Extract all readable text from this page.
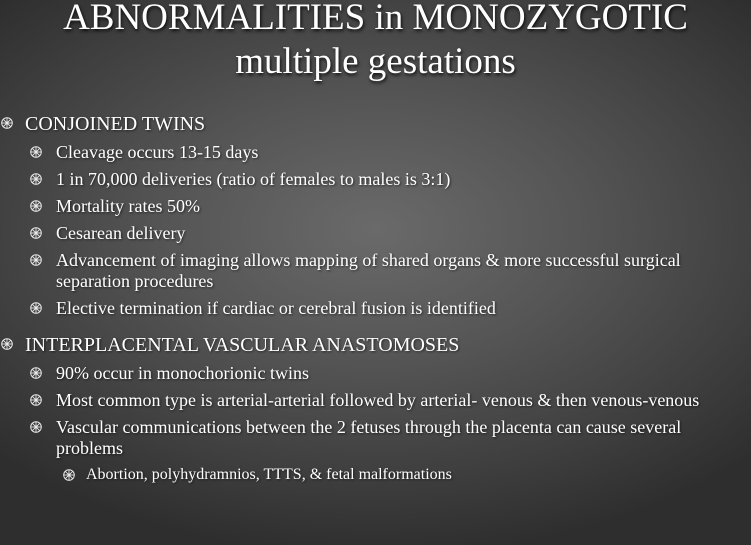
ABNORMALITIES in MONOZYGOTIC
multiple gestations
CONJOINED TWINS
Cleavage occurs 13-15 days
1 in 70,000 deliveries (ratio of females to males is 3:1)
Mortality rates 50%
Cesarean delivery
Advancement of imaging allows mapping of shared organs & more successful surgical separation procedures
Elective termination if cardiac or cerebral fusion is identified
INTERPLACENTAL VASCULAR ANASTOMOSES
90% occur in monochorionic twins
Most common type is arterial-arterial followed by arterial- venous & then venous-venous
Vascular communications between the 2 fetuses through the placenta can cause several problems
Abortion, polyhydramnios, TTTS, & fetal malformations
